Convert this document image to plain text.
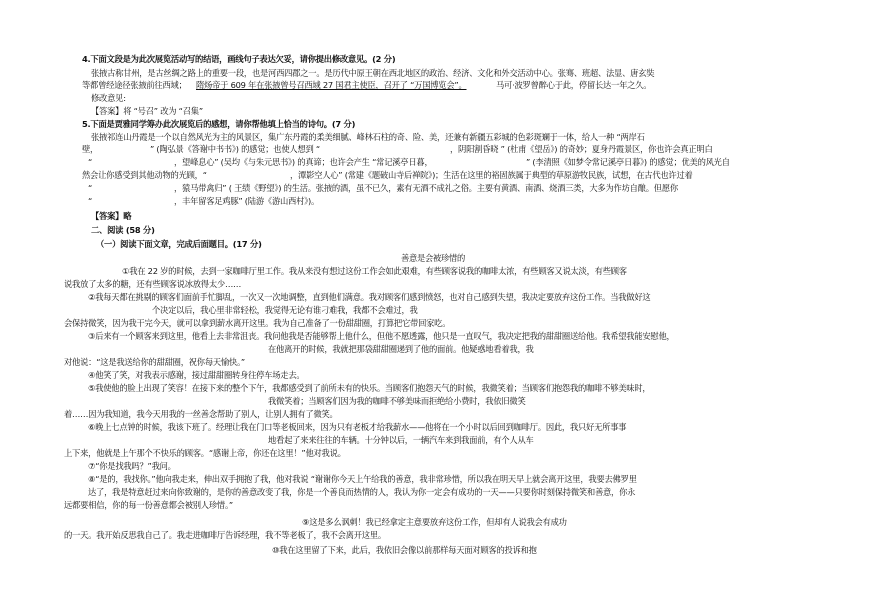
4.下面文段是为此次展览活动写的结语，画线句子表达欠妥，请你提出修改意见。(2 分)
张掖古称甘州，是古丝绸之路上的重要一段，也是河西四郡之一。是历代中原王朝在西北地区的政治、经济、文化和外交活动中心。张骞、班超、法显、唐玄奘
等都曾经途径张掖前往西域； 隋炀帝于 609 年在张掖曾号召西域 27 国君主使臣，召开了 “万国博览会”。	马可·波罗曾醉心于此，停留长达一年之久。
修改意见:
【答案】将 “号召” 改为 “召集”
5.下面是贾雅同学筹办此次展览后的感想，请你帮他填上恰当的诗句。(7 分)
张掖祁连山丹霞是一个以自然风光为主的风景区，集广东丹霞的柔美细腻、峰林石柱的奇、险、美，还兼有新疆五彩城的色彩斑斓于一体，给人一种 “两岸石
壁，	” (陶弘景《答谢中书书》) 的感觉；也使人想到 “	，阴阳割昏晓 ” (杜甫《望岳》) 的奇妙；夏身丹霞景区，你也许会真正明白
“	，望峰息心” (吴均《与朱元思书》) 的真谛；也许会产生 “常记溪亭日暮，	” (李清照《如梦令常记溪亭日暮》) 的感觉；优美的风光自
然会让你感受到其他动物的光顾，“	，潭影空人心” (常建《题破山寺后禅院》)；生活在这里的裕固族属于典型的草原游牧民族，试想，在古代也许过着
“	，猿马带禽归” ( 王绩《野望》) 的生活。张掖的酒，虽不已久，素有无酒不成礼之俗。主要有黄酒、南酒、烧酒三类，大多为作坊自酿。但愿你
“	，丰年留客足鸡豚” (陆游《游山西村》)。
【答案】略
二、阅读 (58 分)
（一）阅读下面文章，完成后面题目。(17 分)
善意是会被珍惜的
①我在 22 岁的时候，去到一家咖啡厅里工作。我从来没有想过这份工作会如此艰难，有些顾客说我的咖啡太浓，有些顾客又说太淡，有些顾客
说我放了太多的糖，还有些顾客说冰放得太少……
②我每天都在挑剔的顾客们面前手忙脚乱，一次又一次地调整，直到他们满意。我对顾客们感到愤怒，也对自己感到失望，我决定要放弃这份工作。当我做好这
个决定以后，我心里非常轻松，我觉得无论有谁刁难我，我都不会难过，我
会保持微笑，因为我干完今天，就可以拿到薪水离开这里。我为自己准备了一份甜甜圈，打算把它带回家吃。
③后来有一个顾客来到这里，他看上去非常沮丧。我问他我是否能够帮上他什么，但他不愿透露，他只是一直叹气，我决定把我的甜甜圈送给他。我希望我能安慰他，
在他离开的时候，我就把那袋甜甜圈递到了他的面前。他疑惑地看着我，我
对他说：“这是我送给你的甜甜圈，祝你每天愉快。”
④他笑了笑，对我表示感谢，接过甜甜圈转身往停车场走去。
⑤我使他的脸上出现了笑容！在接下来的整个下午，我都感受到了前所未有的快乐。当顾客们抱怨天气的时候，我微笑着；当顾客们抱怨我的咖啡不够美味时，
我微笑着；当顾客们因为我的咖啡不够美味而拒绝给小费时，我依旧微笑
着……因为我知道，我今天用我的一丝善念帮助了别人，让别人拥有了微笑。
⑥晚上七点钟的时候，我该下班了。经理让我在门口等老板回来，因为只有老板才给我薪水——他将在一个小时以后回到咖啡厅。因此，我只好无所事事
地看起了来来往往的车辆。十分钟以后，一辆汽车来到我面前，有个人从车
上下来，他就是上午那个不快乐的顾客。“感谢上帝，你还在这里！”他对我说。
⑦“你是找我吗？”我问。
⑧“是的，我找你。”他向我走来，伸出双手拥抱了我，他对我说 “谢谢你今天上午给我的善意，我非常珍惜，所以我在明天早上就会离开这里，我要去佛罗里
达了，我是特意赶过来向你致谢的，是你的善意改变了我，你是一个善良而热情的人，我认为你一定会有成功的一天——只要你时刻保持微笑和善意，你永
远都要相信，你的每一份善意都会被别人珍惜。”
⑨这是多么讽刺！我已经拿定主意要放弃这份工作，但却有人说我会有成功
的一天。我开始反思我自己了。我走进咖啡厅告诉经理，我不等老板了，我不会离开这里。
⑩我在这里留了下来，此后，我依旧会像以前那样每天面对顾客的投诉和抱
